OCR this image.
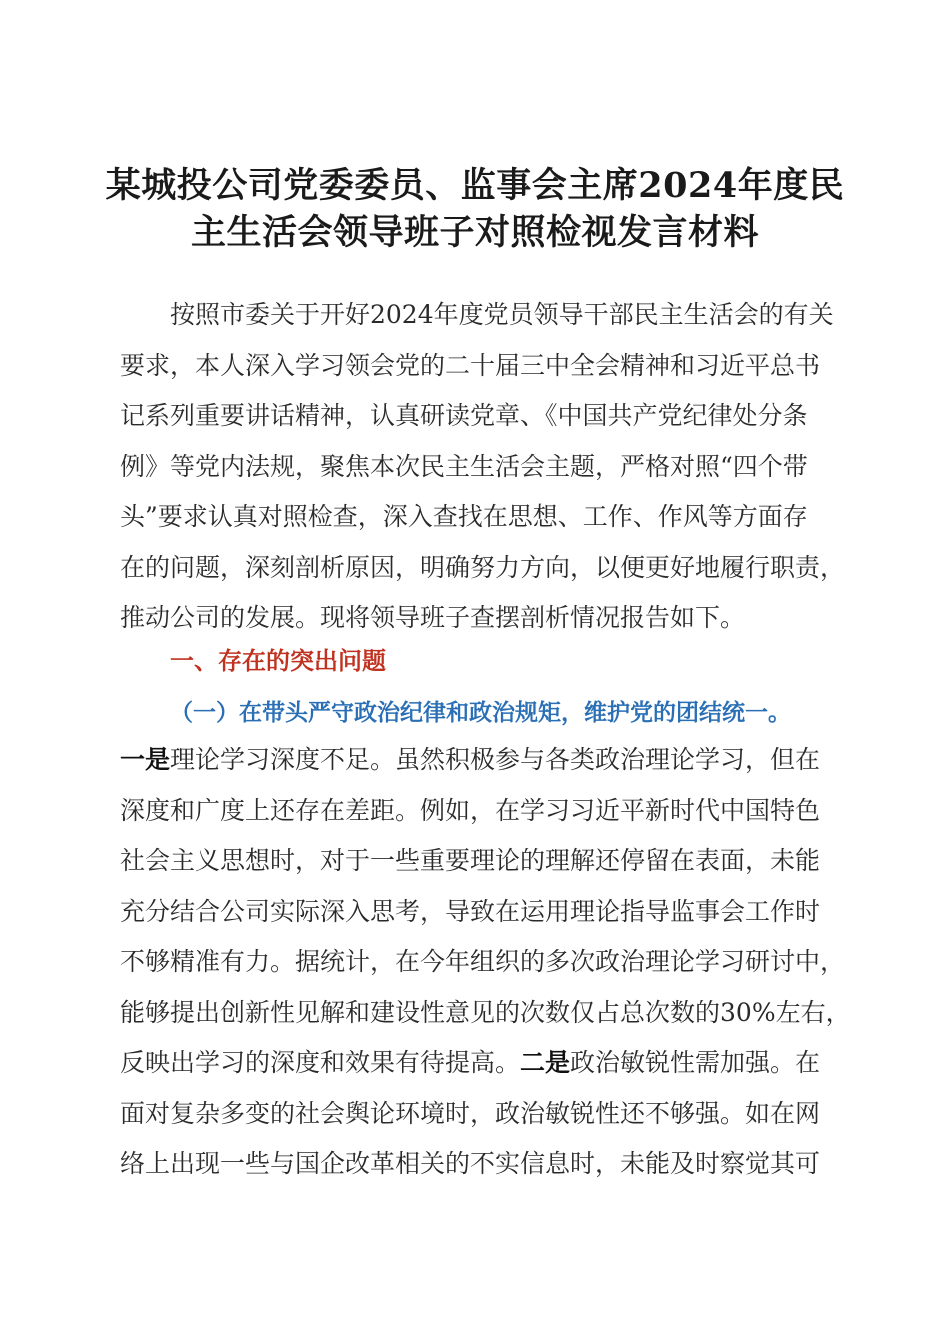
某城投公司党委委员、监事会主席2024年度民
主生活会领导班子对照检视发言材料

按照市委关于开好2024年度党员领导干部民主生活会的有关
要求，本人深入学习领会党的二十届三中全会精神和习近平总书
记系列重要讲话精神，认真研读党章、《中国共产党纪律处分条
例》等党内法规，聚焦本次民主生活会主题，严格对照“四个带
头”要求认真对照检查，深入查找在思想、工作、作风等方面存
在的问题，深刻剖析原因，明确努力方向，以便更好地履行职责，
推动公司的发展。现将领导班子查摆剖析情况报告如下。

一、存在的突出问题
（一）在带头严守政治纪律和政治规矩，维护党的团结统一。

一是理论学习深度不足。虽然积极参与各类政治理论学习，但在
深度和广度上还存在差距。例如，在学习习近平新时代中国特色
社会主义思想时，对于一些重要理论的理解还停留在表面，未能
充分结合公司实际深入思考，导致在运用理论指导监事会工作时
不够精准有力。据统计，在今年组织的多次政治理论学习研讨中，
能够提出创新性见解和建设性意见的次数仅占总次数的30%左右，
反映出学习的深度和效果有待提高。二是政治敏锐性需加强。在
面对复杂多变的社会舆论环境时，政治敏锐性还不够强。如在网
络上出现一些与国企改革相关的不实信息时，未能及时察觉其可
